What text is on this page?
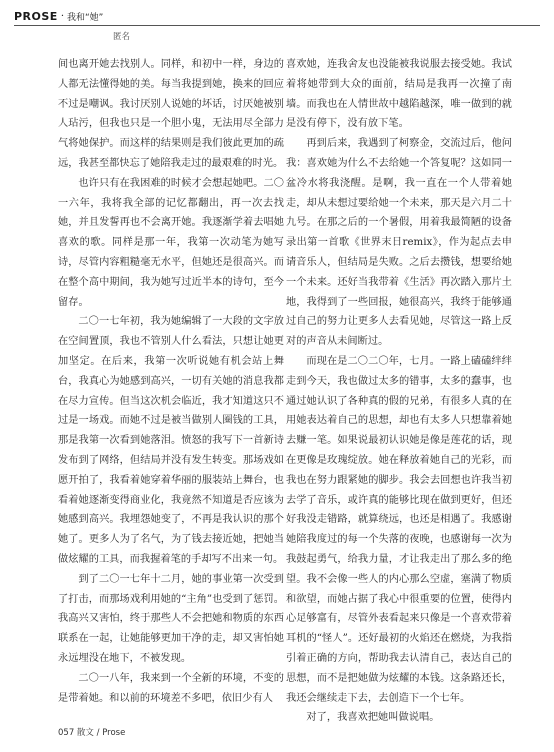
PROSE · 我和“她”
匿名

间也离开她去找别人。同样，和初中一样，身边的人都无法懂得她的美。每当我提到她，换来的回应不过是嘲讽。我讨厌别人说她的坏话，讨厌她被别人玷污，但我也只是一个胆小鬼，无法用尽全部力气将她保护。而这样的结果则是我们彼此更加的疏远，我甚至都快忘了她陪我走过的最艰难的时光。

也许只有在我困难的时候才会想起她吧。二〇一六年，我将我全部的记忆都翻出，再一次去找她，并且发誓再也不会离开她。我逐渐学着去唱她喜欢的歌。同样是那一年，我第一次动笔为她写诗，尽管内容粗糙毫无水平，但她还是很高兴。而在整个高中期间，我为她写过近半本的诗句，至今留存。

二〇一七年初，我为她编辑了一大段的文字放在空间置顶，我也不管别人什么看法，只想让她更加坚定。在后来，我第一次听说她有机会站上舞台，我真心为她感到高兴，一切有关她的消息我都在尽力宣传。但当这次机会临近，我才知道这只不过是一场戏。而她不过是被当做别人圈钱的工具，那是我第一次看到她落泪。愤怒的我写下一首新诗发布到了网络，但结局并没有发生转变。那场戏如愿开拍了，我看着她穿着华丽的服装站上舞台，也看着她逐渐变得商业化，我竟然不知道是否应该为她感到高兴。我埋怨她变了，不再是我认识的那个她了。更多人为了名气，为了钱去接近她，把她当做炫耀的工具，而我握着笔的手却写不出来一句。

到了二〇一七年十二月，她的事业第一次受到了打击，而那场戏利用她的“主角”也受到了惩罚。我高兴又害怕，终于那些人不会把她和物质的东西联系在一起，让她能够更加干净的走，却又害怕她永远埋没在地下，不被发现。

二〇一八年，我来到一个全新的环境，不变的是带着她。和以前的环境差不多吧，依旧少有人

喜欢她，连我舍友也没能被我说服去接受她。我试着将她带到大众的面前，结局是我再一次撞了南墙。而我也在人情世故中越陷越深，唯一做到的就是没有停下，没有放下笔。

再到后来，我遇到了柯察金，交流过后，他问我：喜欢她为什么不去给她一个答复呢？这如同一盆冷水将我浇醒。是啊，我一直在一个人带着她走，却从未想过要给她一个未来，那天是六月二十九号。在那之后的一个暑假，用着我最简陋的设备录出第一首歌《世界末日remix》，作为起点去申请音乐人，但结局是失败。之后去攒钱，想要给她一个未来。还好当我带着《生活》再次踏入那片土地，我得到了一些回报，她很高兴，我终于能够通过自己的努力让更多人去看见她，尽管这一路上反对的声音从未间断过。

而现在是二〇二〇年，七月。一路上磕磕绊绊走到今天，我也做过太多的错事，太多的蠢事，也通过她认识了各种真的假的兄弟，有很多人真的在用她表达着自己的思想，却也有太多人只想靠着她去赚一笔。如果说最初认识她是像是莲花的话，现在更像是玫瑰绽放。她在释放着她自己的光彩，而我也在努力跟紧她的脚步。我会去回想也许我当初去学了音乐，或许真的能够比现在做到更好，但还好我没走错路，就算绕远，也还是相遇了。我感谢她陪我度过的每一个失落的夜晚，也感谢每一次为我鼓起勇气，给我力量，才让我走出了那么多的绝望。我不会像一些人的内心那么空虚，塞满了物质和欲望，而她占据了我心中很重要的位置，使得内心足够富有，尽管外表看起来只像是一个喜欢带着耳机的“怪人”。还好最初的火焰还在燃烧，为我指引着正确的方向，帮助我去认清自己，表达自己的思想，而不是把她做为炫耀的本钱。这条路还长，我还会继续走下去，去创造下一个七年。

对了，我喜欢把她叫做说唱。

057 散文 / Prose
